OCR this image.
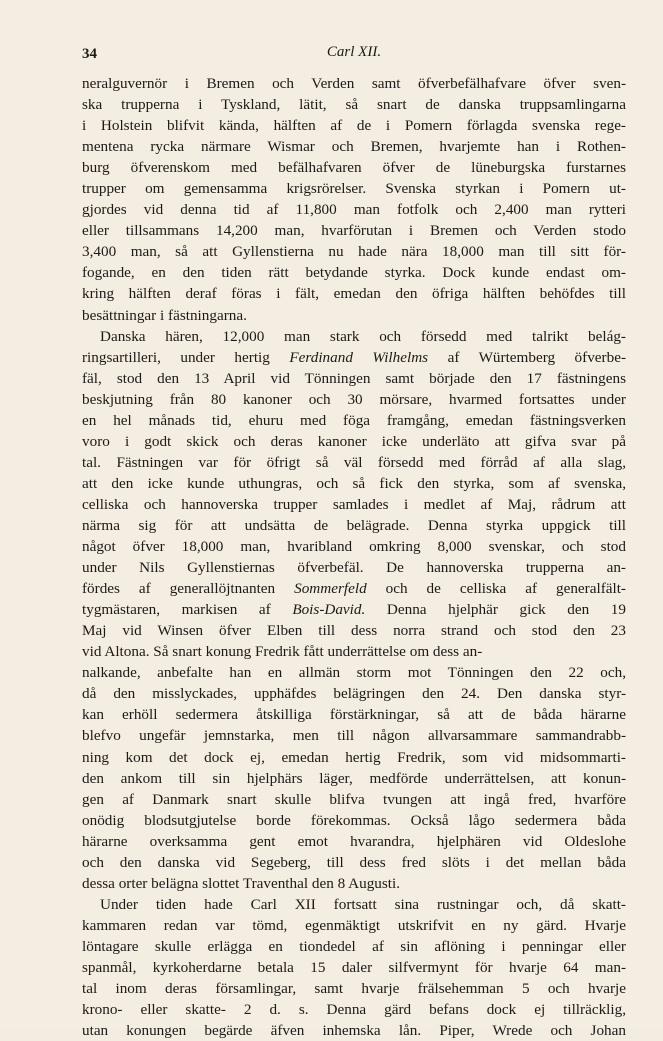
34	Carl XII.
neralguvernör i Bremen och Verden samt öfverbefälhafvare öfver sven-
ska trupperna i Tyskland, lätit, så snart de danska truppsamlingarna
i Holstein blifvit kända, hälften af de i Pomern förlagda svenska rege-
mentena rycka närmare Wismar och Bremen, hvarjemte han i Rothen-
burg öfverenskom med befälhafvaren öfver de lüneburgska furstarnes
trupper om gemensamma krigsrörelser. Svenska styrkan i Pomern ut-
gjordes vid denna tid af 11,800 man fotfolk och 2,400 man rytteri
eller tillsammans 14,200 man, hvarförutan i Bremen och Verden stodo
3,400 man, så att Gyllenstierna nu hade nära 18,000 man till sitt för-
fogande, en den tiden rätt betydande styrka. Dock kunde endast om-
kring hälften deraf föras i fält, emedan den öfriga hälften behöfdes till
besättningar i fästningarna.
Danska hären, 12,000 man stark och försedd med talrikt belág-
ringsartilleri, under hertig Ferdinand Wilhelms af Würtemberg öfverbe-
fäl, stod den 13 April vid Tönningen samt började den 17 fästningens
beskjutning från 80 kanoner och 30 mörsare, hvarmed fortsattes under
en hel månads tid, ehuru med föga framgång, emedan fästningsverken
voro i godt skick och deras kanoner icke underläto att gifva svar på
tal. Fästningen var för öfrigt så väl försedd med förråd af alla slag,
att den icke kunde uthungras, och så fick den styrka, som af svenska,
celliska och hannoverska trupper samlades i medlet af Maj, rådrum att
närma sig för att undsätta de belägrade. Denna styrka uppgick till
något öfver 18,000 man, hvaribland omkring 8,000 svenskar, och stod
under Nils Gyllenstiernas öfverbefäl. De hannoverska trupperna an-
fördes af generallöjtnanten Sommerfeld och de celliska af generalfält-
tygmästaren, markisen af Bois-David. Denna hjelphär gick den 19
Maj vid Winsen öfver Elben till dess norra strand och stod den 23
vid Altona. Så snart konung Fredrik fått underrättelse om dess an-
nalkande, anbefalte han en allmän storm mot Tönningen den 22 och,
då den misslyckades, upphäfdes belägringen den 24. Den danska styr-
kan erhöll sedermera åtskilliga förstärkningar, så att de båda härarne
blefvo ungefär jemnstarka, men till någon allvarsammare sammandrabb-
ning kom det dock ej, emedan hertig Fredrik, som vid midsommarti-
den ankom till sin hjelphärs läger, medförde underrättelsen, att konun-
gen af Danmark snart skulle blifva tvungen att ingå fred, hvarföre
onödig blodsutgjutelse borde förekommas. Också lågo sedermera båda
härarne overksamma gent emot hvarandra, hjelphären vid Oldeslohe
och den danska vid Segeberg, till dess fred slöts i det mellan båda
dessa orter belägna slottet Traventhal den 8 Augusti.
Under tiden hade Carl XII fortsatt sina rustningar och, då skatt-
kammaren redan var tömd, egenmäktigt utskrifvit en ny gärd. Hvarje
löntagare skulle erlägga en tiondedel af sin aflöning i penningar eller
spanmål, kyrkoherdarne betala 15 daler silfvermynt för hvarje 64 man-
tal inom deras församlingar, samt hvarje frälsehemman 5 och hvarje
krono- eller skatte- 2 d. s. Denna gärd befans dock ej tillräcklig,
utan konungen begärde äfven inhemska lån. Piper, Wrede och Johan
